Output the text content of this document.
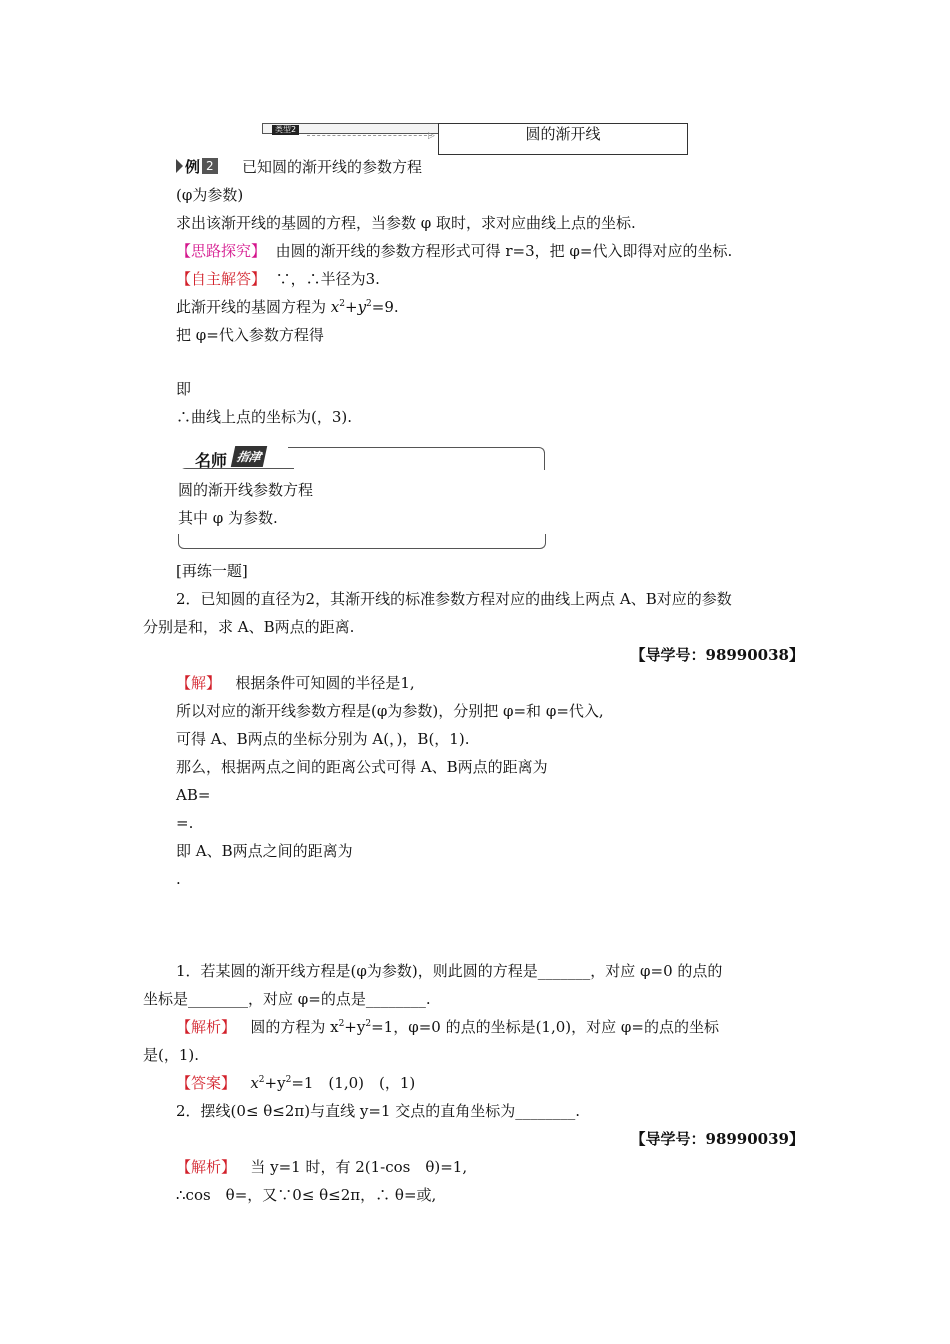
类型2
▷	圆的渐开线
例 2 已知圆的渐开线的参数方程
(φ为参数)
求出该渐开线的基圆的方程，当参数 φ 取时，求对应曲线上点的坐标.
【思路探究】 由圆的渐开线的参数方程形式可得 r=3，把 φ=代入即得对应的坐标.
【自主解答】 ∵，∴半径为3.
此渐开线的基圆方程为 $x^2+y^2=9$.
把 φ=代入参数方程得
即
∴曲线上点的坐标为(，3).
名师 指津
圆的渐开线参数方程
其中 φ 为参数.
[再练一题]
2．已知圆的直径为2，其渐开线的标准参数方程对应的曲线上两点 A、B对应的参数
分别是和，求 A、B两点的距离.
【导学号：98990038】
【解】 根据条件可知圆的半径是1,
所以对应的渐开线参数方程是(φ为参数)，分别把 φ=和 φ=代入,
可得 A、B两点的坐标分别为 A(，)，B(，1).
那么，根据两点之间的距离公式可得 A、B两点的距离为
AB=
=.
即 A、B两点之间的距离为
.
1．若某圆的渐开线方程是(φ为参数)，则此圆的方程是_______，对应 φ=0 的点的
坐标是________，对应 φ=的点是________.
【解析】 圆的方程为 $x^2+y^2=1$，φ=0 的点的坐标是(1,0)，对应 φ=的点的坐标
是(，1).
【答案】 $x^2+y^2=1$　(1,0)　(，1)
2．摆线(0≤ θ≤2π)与直线 y=1 交点的直角坐标为________.
【导学号：98990039】
【解析】 当 y=1 时，有 2(1-cos　θ)=1,
∴cos　θ=，又∵0≤ θ≤2π，∴ θ=或,
